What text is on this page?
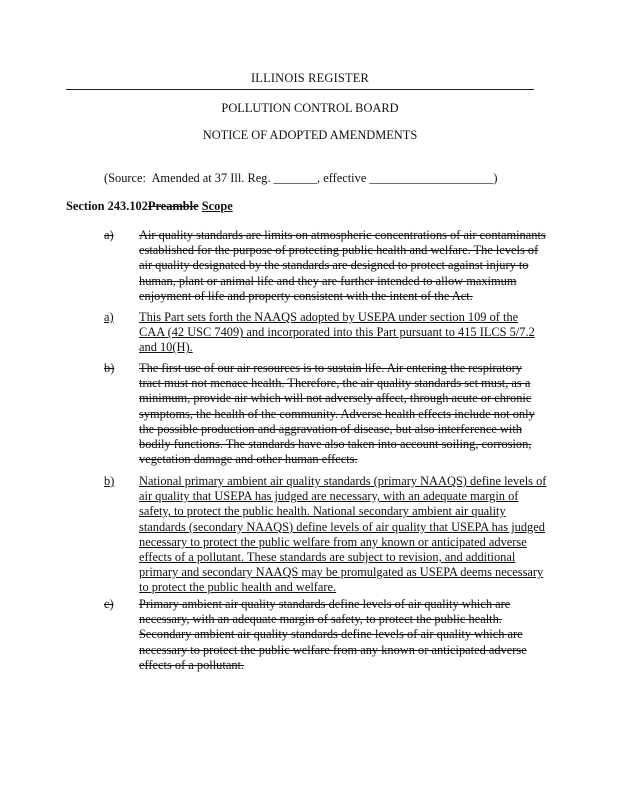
ILLINOIS REGISTER
POLLUTION CONTROL BOARD
NOTICE OF ADOPTED AMENDMENTS
(Source:  Amended at 37 Ill. Reg. _______, effective ____________________)
Section 243.102Preamble Scope
a) Air quality standards are limits on atmospheric concentrations of air contaminants
established for the purpose of protecting public health and welfare. The levels of
air quality designated by the standards are designed to protect against injury to
human, plant or animal life and they are further intended to allow maximum
enjoyment of life and property consistent with the intent of the Act.
a) This Part sets forth the NAAQS adopted by USEPA under section 109 of the
CAA (42 USC 7409) and incorporated into this Part pursuant to 415 ILCS 5/7.2
and 10(H).
b) The first use of our air resources is to sustain life. Air entering the respiratory
tract must not menace health. Therefore, the air quality standards set must, as a
minimum, provide air which will not adversely affect, through acute or chronic
symptoms, the health of the community. Adverse health effects include not only
the possible production and aggravation of disease, but also interference with
bodily functions. The standards have also taken into account soiling, corrosion,
vegetation damage and other human effects.
b) National primary ambient air quality standards (primary NAAQS) define levels of
air quality that USEPA has judged are necessary, with an adequate margin of
safety, to protect the public health. National secondary ambient air quality
standards (secondary NAAQS) define levels of air quality that USEPA has judged
necessary to protect the public welfare from any known or anticipated adverse
effects of a pollutant. These standards are subject to revision, and additional
primary and secondary NAAQS may be promulgated as USEPA deems necessary
to protect the public health and welfare.
c) Primary ambient air quality standards define levels of air quality which are
necessary, with an adequate margin of safety, to protect the public health.
Secondary ambient air quality standards define levels of air quality which are
necessary to protect the public welfare from any known or anticipated adverse
effects of a pollutant.
